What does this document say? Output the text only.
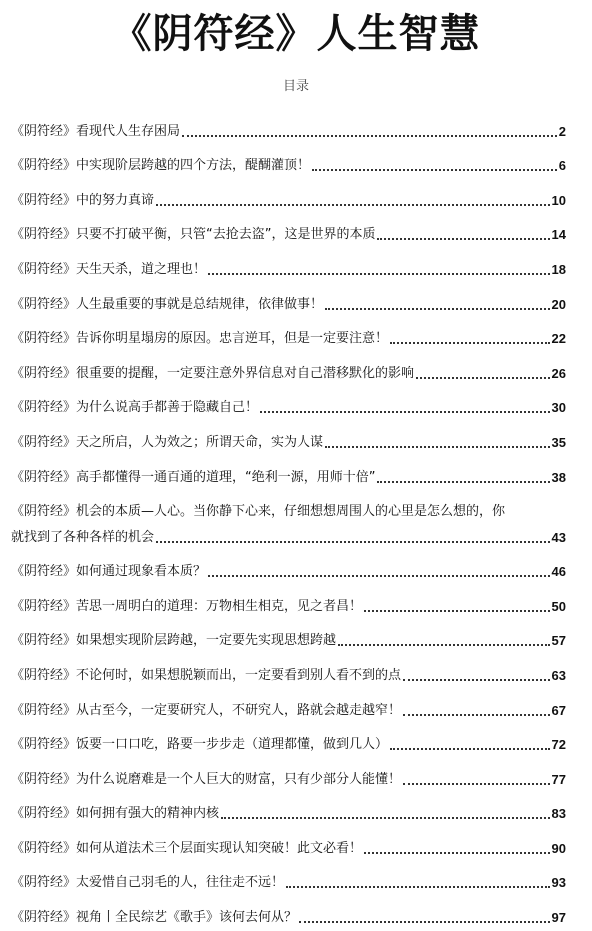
《阴符经》人生智慧
目录
《阴符经》看现代人生存困局	2
《阴符经》中实现阶层跨越的四个方法，醍醐灌顶！	6
《阴符经》中的努力真谛	10
《阴符经》只要不打破平衡，只管“去抢去盗”，这是世界的本质	14
《阴符经》天生天杀，道之理也！	18
《阴符经》人生最重要的事就是总结规律，依律做事！	20
《阴符经》告诉你明星塌房的原因。忠言逆耳，但是一定要注意！	22
《阴符经》很重要的提醒，一定要注意外界信息对自己潜移默化的影响	26
《阴符经》为什么说高手都善于隐藏自己！	30
《阴符经》天之所启，人为效之；所谓天命，实为人谋	35
《阴符经》高手都懂得一通百通的道理，“绝利一源，用师十倍”	38
《阴符经》机会的本质—人心。当你静下心来，仔细想想周围人的心里是怎么想的，你
就找到了各种各样的机会	43
《阴符经》如何通过现象看本质？	46
《阴符经》苦思一周明白的道理：万物相生相克，见之者昌！	50
《阴符经》如果想实现阶层跨越，一定要先实现思想跨越	57
《阴符经》不论何时，如果想脱颖而出，一定要看到别人看不到的点	63
《阴符经》从古至今，一定要研究人，不研究人，路就会越走越窄！	67
《阴符经》饭要一口口吃，路要一步步走（道理都懂，做到几人）	72
《阴符经》为什么说磨难是一个人巨大的财富，只有少部分人能懂！	77
《阴符经》如何拥有强大的精神内核	83
《阴符经》如何从道法术三个层面实现认知突破！此文必看！	90
《阴符经》太爱惜自己羽毛的人，往往走不远！	93
《阴符经》视角丨全民综艺《歌手》该何去何从？	97
